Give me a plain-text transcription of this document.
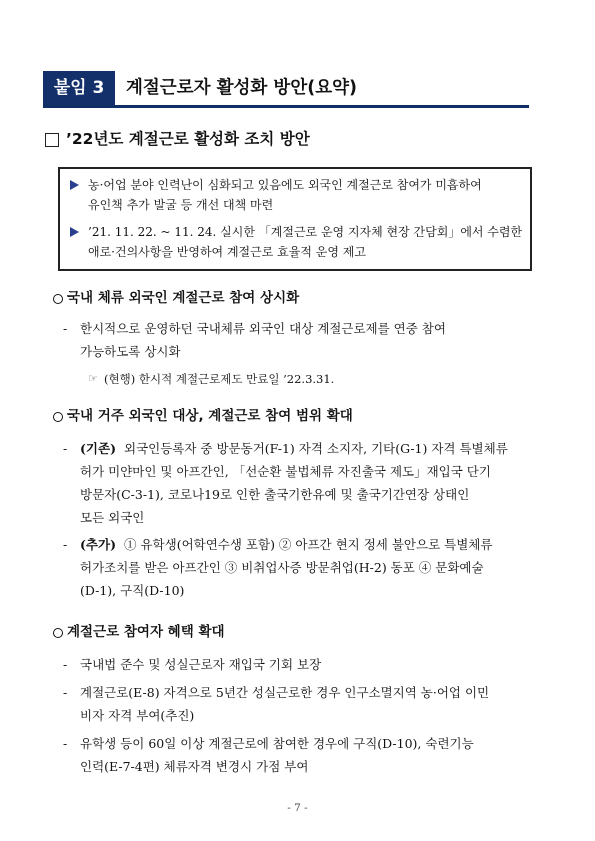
붙임 3	계절근로자 활성화 방안(요약)
’22년도 계절근로 활성화 조치 방안
농·어업 분야 인력난이 심화되고 있음에도 외국인 계절근로 참여가 미흡하여
유인책 추가 발굴 등 개선 대책 마련
’21. 11. 22. ~ 11. 24. 실시한 「계절근로 운영 지자체 현장 간담회」에서 수렴한
애로·건의사항을 반영하여 계절근로 효율적 운영 제고
국내 체류 외국인 계절근로 참여 상시화
- 한시적으로 운영하던 국내체류 외국인 대상 계절근로제를 연중 참여
가능하도록 상시화
☞ (현행) 한시적 계절근로제도 만료일 ’22.3.31.
국내 거주 외국인 대상, 계절근로 참여 범위 확대
- (기존) 외국인등록자 중 방문동거(F-1) 자격 소지자, 기타(G-1) 자격 특별체류
허가 미얀마인 및 아프간인, 「선순환 불법체류 자진출국 제도」재입국 단기
방문자(C-3-1), 코로나19로 인한 출국기한유예 및 출국기간연장 상태인
모든 외국인
- (추가) ① 유학생(어학연수생 포함) ② 아프간 현지 정세 불안으로 특별체류
허가조치를 받은 아프간인 ③ 비취업사증 방문취업(H-2) 동포 ④ 문화예술
(D-1), 구직(D-10)
계절근로 참여자 혜택 확대
- 국내법 준수 및 성실근로자 재입국 기회 보장
- 계절근로(E-8) 자격으로 5년간 성실근로한 경우 인구소멸지역 농·어업 이민
비자 자격 부여(추진)
- 유학생 등이 60일 이상 계절근로에 참여한 경우에 구직(D-10), 숙련기능
인력(E-7-4편) 체류자격 변경시 가점 부여
- 7 -
